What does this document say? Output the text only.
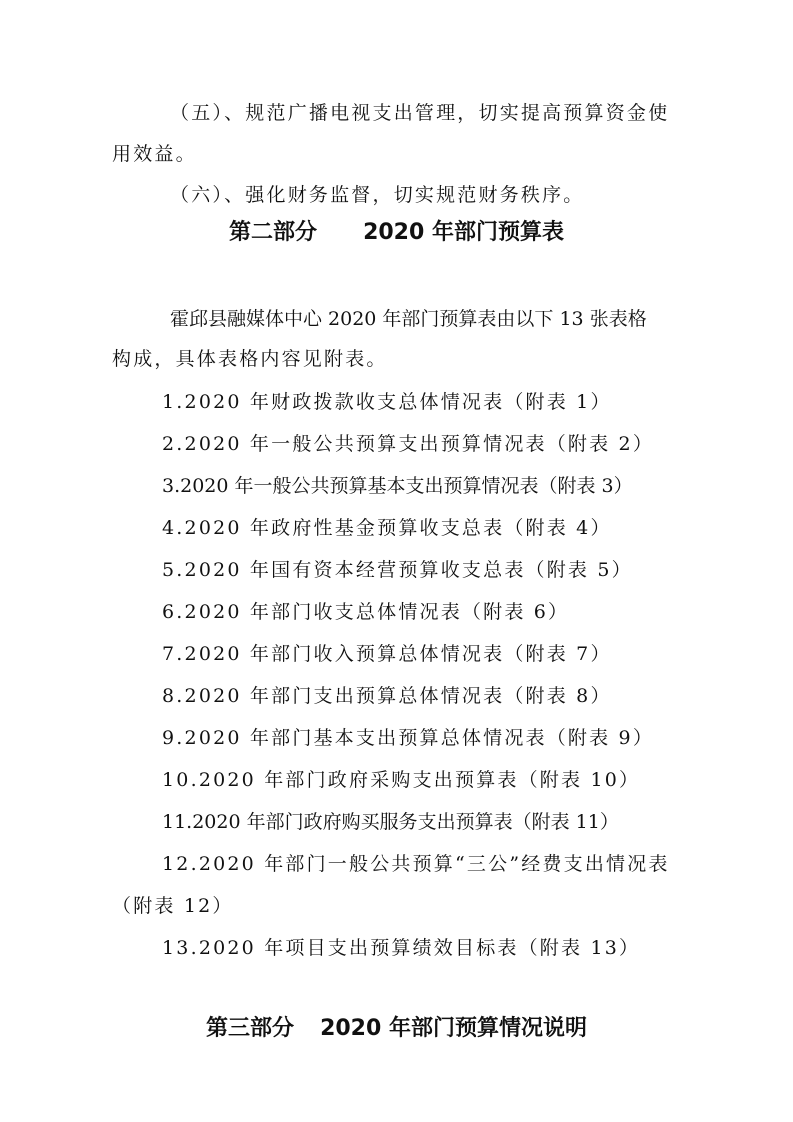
（五）、规范广播电视支出管理，切实提高预算资金使
用效益。
（六）、强化财务监督，切实规范财务秩序。
第二部分 2020 年部门预算表
霍邱县融媒体中心 2020 年部门预算表由以下 13 张表格
构成，具体表格内容见附表。
1.2020 年财政拨款收支总体情况表（附表 1）
2.2020 年一般公共预算支出预算情况表（附表 2）
3.2020 年一般公共预算基本支出预算情况表（附表 3）
4.2020 年政府性基金预算收支总表（附表 4）
5.2020 年国有资本经营预算收支总表（附表 5）
6.2020 年部门收支总体情况表（附表 6）
7.2020 年部门收入预算总体情况表（附表 7）
8.2020 年部门支出预算总体情况表（附表 8）
9.2020 年部门基本支出预算总体情况表（附表 9）
10.2020 年部门政府采购支出预算表（附表 10）
11.2020 年部门政府购买服务支出预算表（附表 11）
12.2020 年部门一般公共预算“三公”经费支出情况表
（附表 12）
13.2020 年项目支出预算绩效目标表（附表 13）
第三部分 2020 年部门预算情况说明
